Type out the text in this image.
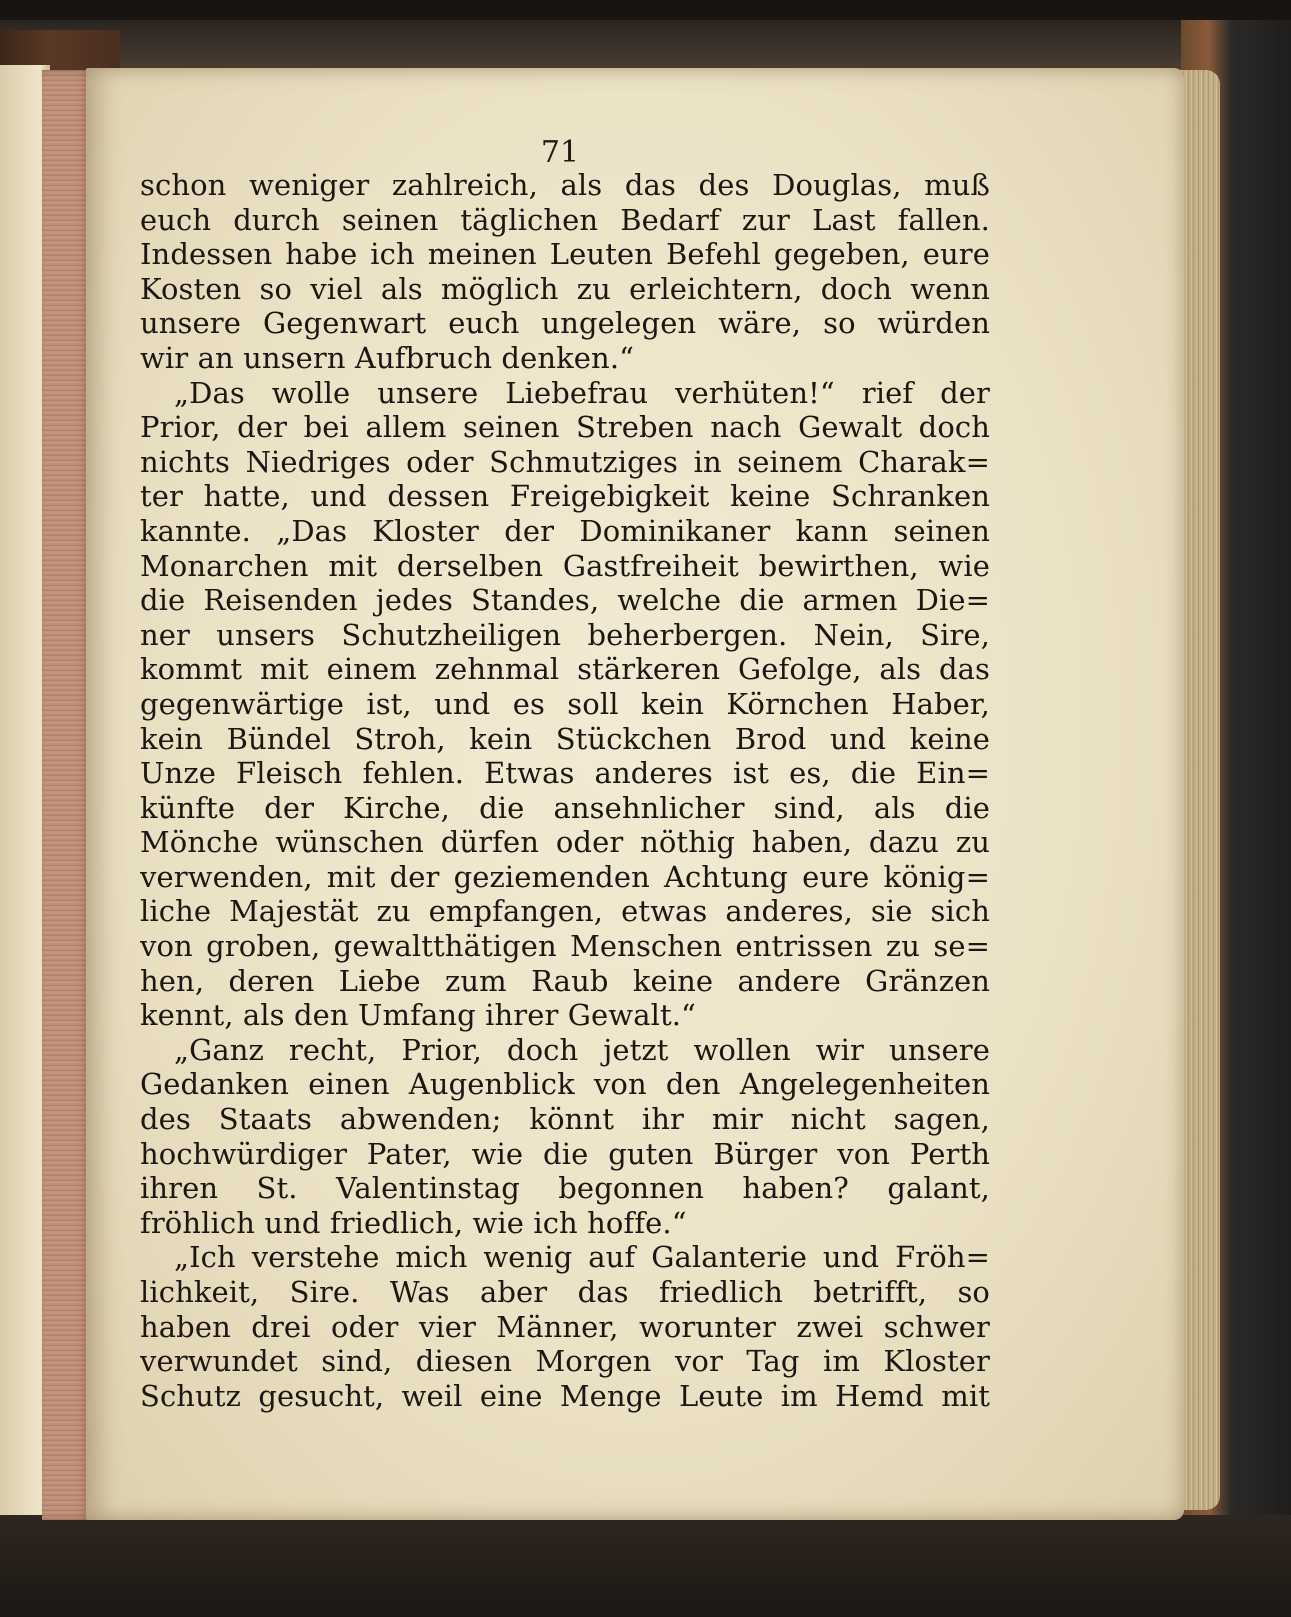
71
schon weniger zahlreich, als das des Douglas, muß
euch durch seinen täglichen Bedarf zur Last fallen.
Indessen habe ich meinen Leuten Befehl gegeben, eure
Kosten so viel als möglich zu erleichtern, doch wenn
unsere Gegenwart euch ungelegen wäre, so würden
wir an unsern Aufbruch denken.“
„Das wolle unsere Liebefrau verhüten!“ rief der
Prior, der bei allem seinen Streben nach Gewalt doch
nichts Niedriges oder Schmutziges in seinem Charak=
ter hatte, und dessen Freigebigkeit keine Schranken
kannte. „Das Kloster der Dominikaner kann seinen
Monarchen mit derselben Gastfreiheit bewirthen, wie
die Reisenden jedes Standes, welche die armen Die=
ner unsers Schutzheiligen beherbergen. Nein, Sire,
kommt mit einem zehnmal stärkeren Gefolge, als das
gegenwärtige ist, und es soll kein Körnchen Haber,
kein Bündel Stroh, kein Stückchen Brod und keine
Unze Fleisch fehlen. Etwas anderes ist es, die Ein=
künfte der Kirche, die ansehnlicher sind, als die
Mönche wünschen dürfen oder nöthig haben, dazu zu
verwenden, mit der geziemenden Achtung eure könig=
liche Majestät zu empfangen, etwas anderes, sie sich
von groben, gewaltthätigen Menschen entrissen zu se=
hen, deren Liebe zum Raub keine andere Gränzen
kennt, als den Umfang ihrer Gewalt.“
„Ganz recht, Prior, doch jetzt wollen wir unsere
Gedanken einen Augenblick von den Angelegenheiten
des Staats abwenden; könnt ihr mir nicht sagen,
hochwürdiger Pater, wie die guten Bürger von Perth
ihren St. Valentinstag begonnen haben? galant,
fröhlich und friedlich, wie ich hoffe.“
„Ich verstehe mich wenig auf Galanterie und Fröh=
lichkeit, Sire. Was aber das friedlich betrifft, so
haben drei oder vier Männer, worunter zwei schwer
verwundet sind, diesen Morgen vor Tag im Kloster
Schutz gesucht, weil eine Menge Leute im Hemd mit
